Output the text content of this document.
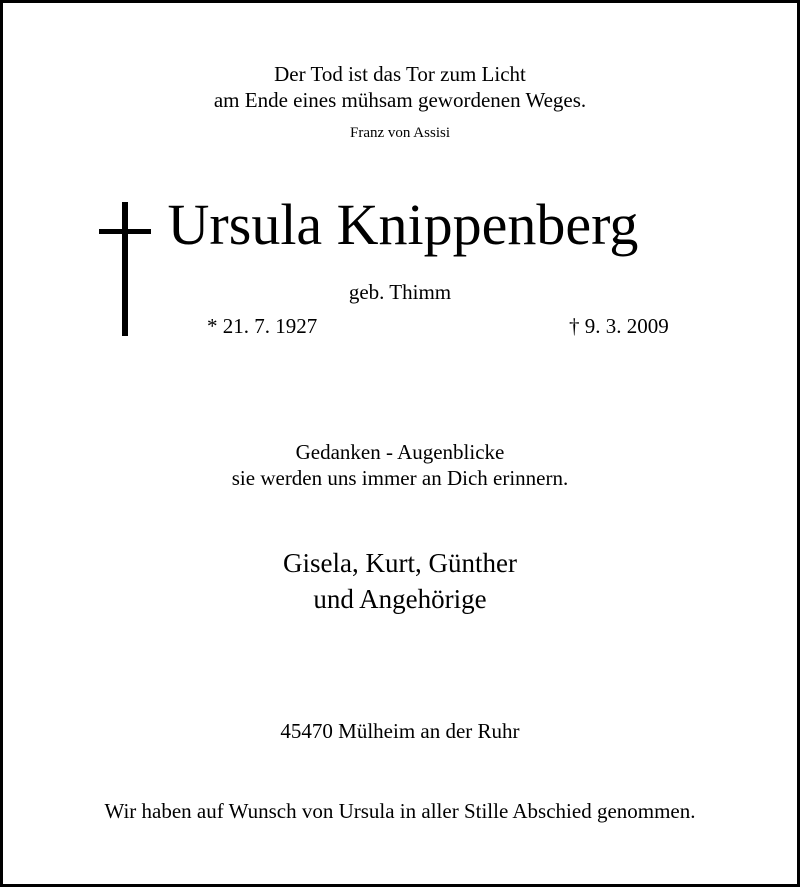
Der Tod ist das Tor zum Licht
am Ende eines mühsam gewordenen Weges.
Franz von Assisi
Ursula Knippenberg
geb. Thimm
* 21. 7. 1927	† 9. 3. 2009
Gedanken - Augenblicke
sie werden uns immer an Dich erinnern.
Gisela, Kurt, Günther
und Angehörige
45470 Mülheim an der Ruhr
Wir haben auf Wunsch von Ursula in aller Stille Abschied genommen.
